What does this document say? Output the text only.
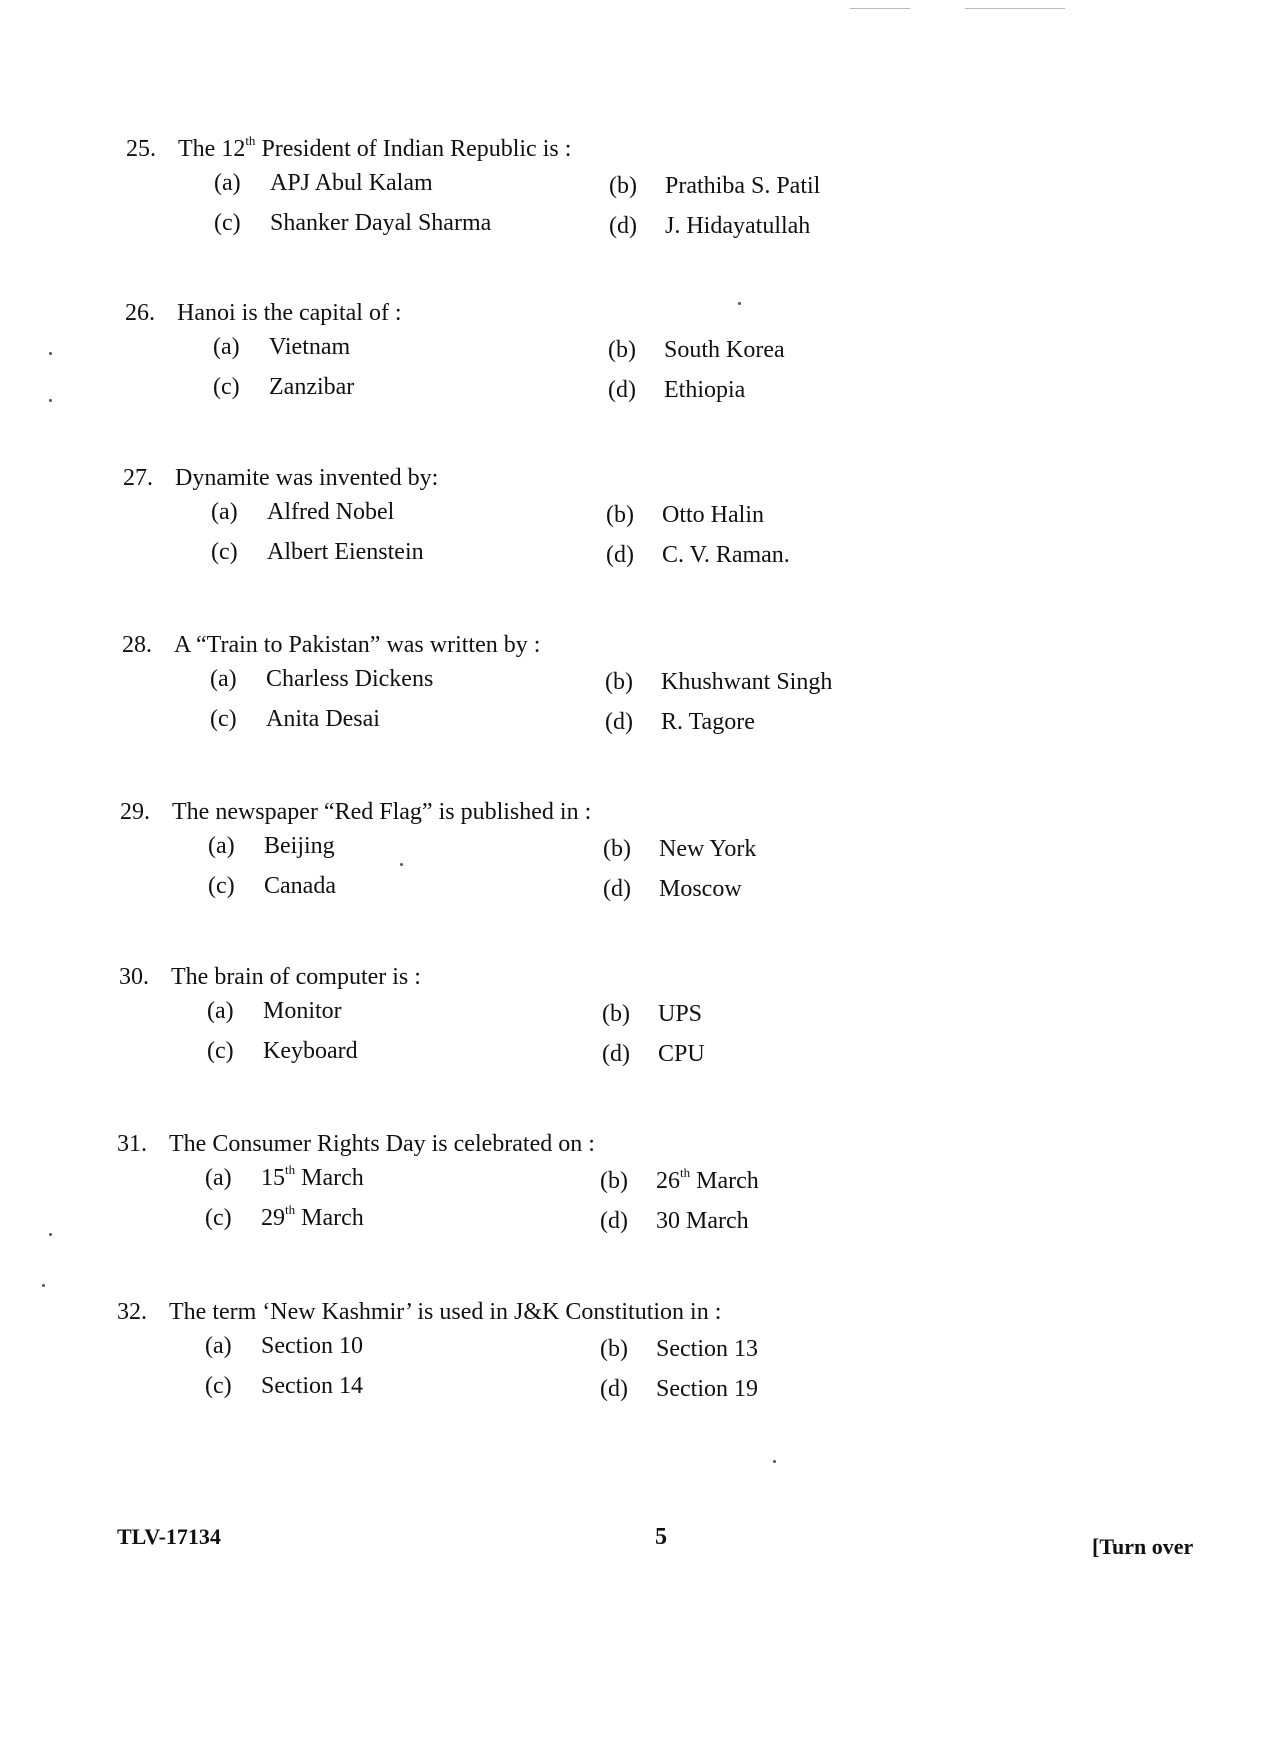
25. The 12th President of Indian Republic is :
(a) APJ Abul Kalam	(b) Prathiba S. Patil
(c) Shanker Dayal Sharma	(d) J. Hidayatullah
26. Hanoi is the capital of :
(a) Vietnam	(b) South Korea
(c) Zanzibar	(d) Ethiopia
27. Dynamite was invented by:
(a) Alfred Nobel	(b) Otto Halin
(c) Albert Eienstein	(d) C. V. Raman.
28. A “Train to Pakistan” was written by :
(a) Charless Dickens	(b) Khushwant Singh
(c) Anita Desai	(d) R. Tagore
29. The newspaper “Red Flag” is published in :
(a) Beijing	(b) New York
(c) Canada	(d) Moscow
30. The brain of computer is :
(a) Monitor	(b) UPS
(c) Keyboard	(d) CPU
31. The Consumer Rights Day is celebrated on :
(a) 15th March	(b) 26th March
(c) 29th March	(d) 30 March
32. The term ‘New Kashmir’ is used in J&K Constitution in :
(a) Section 10	(b) Section 13
(c) Section 14	(d) Section 19
TLV-17134	5	[Turn over
